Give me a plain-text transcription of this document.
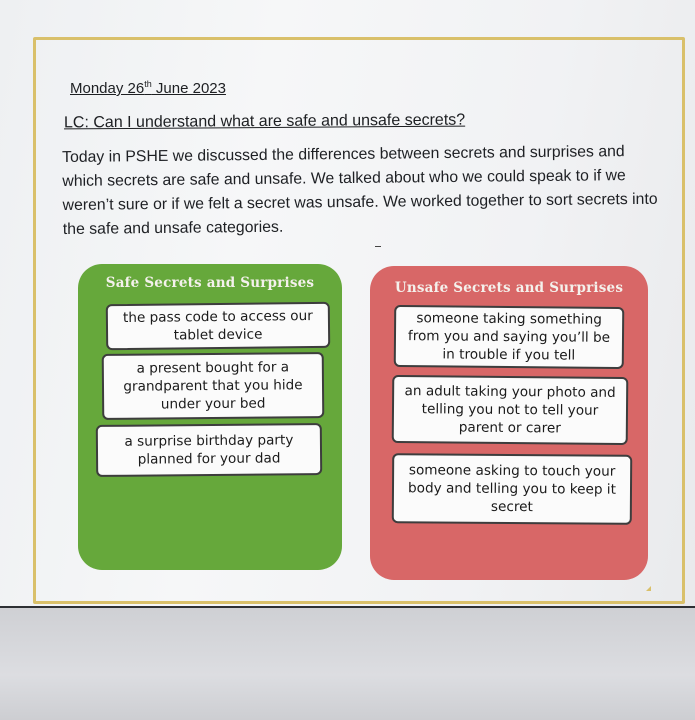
Monday 26th June 2023
LC: Can I understand what are safe and unsafe secrets?
Today in PSHE we discussed the differences between secrets and surprises and which secrets are safe and unsafe. We talked about who we could speak to if we weren’t sure or if we felt a secret was unsafe. We worked together to sort secrets into the safe and unsafe categories.
Safe Secrets and Surprises
the pass code to access our tablet device
a present bought for a grandparent that you hide under your bed
a surprise birthday party planned for your dad
Unsafe Secrets and Surprises
someone taking something from you and saying you’ll be in trouble if you tell
an adult taking your photo and telling you not to tell your parent or carer
someone asking to touch your body and telling you to keep it secret
